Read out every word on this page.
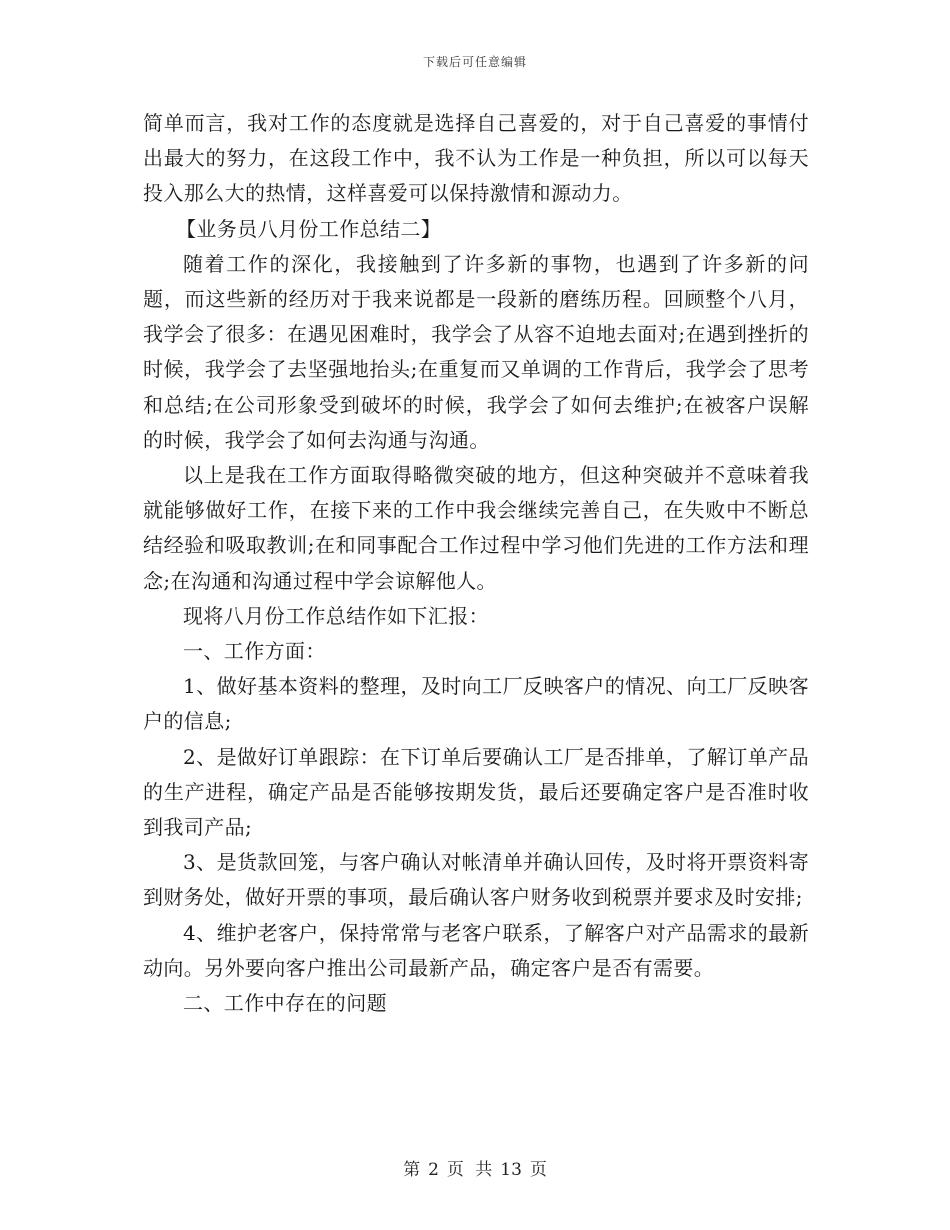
下载后可任意编辑

简单而言，我对工作的态度就是选择自己喜爱的，对于自己喜爱的事情付出最大的努力，在这段工作中，我不认为工作是一种负担，所以可以每天投入那么大的热情，这样喜爱可以保持激情和源动力。

【业务员八月份工作总结二】

随着工作的深化，我接触到了许多新的事物，也遇到了许多新的问题，而这些新的经历对于我来说都是一段新的磨练历程。回顾整个八月，我学会了很多：在遇见困难时，我学会了从容不迫地去面对;在遇到挫折的时候，我学会了去坚强地抬头;在重复而又单调的工作背后，我学会了思考和总结;在公司形象受到破坏的时候，我学会了如何去维护;在被客户误解的时候，我学会了如何去沟通与沟通。

以上是我在工作方面取得略微突破的地方，但这种突破并不意味着我就能够做好工作，在接下来的工作中我会继续完善自己，在失败中不断总结经验和吸取教训;在和同事配合工作过程中学习他们先进的工作方法和理念;在沟通和沟通过程中学会谅解他人。

现将八月份工作总结作如下汇报：

一、工作方面：

1、做好基本资料的整理，及时向工厂反映客户的情况、向工厂反映客户的信息;

2、是做好订单跟踪：在下订单后要确认工厂是否排单，了解订单产品的生产进程，确定产品是否能够按期发货，最后还要确定客户是否准时收到我司产品;

3、是货款回笼，与客户确认对帐清单并确认回传，及时将开票资料寄到财务处，做好开票的事项，最后确认客户财务收到税票并要求及时安排;

4、维护老客户，保持常常与老客户联系，了解客户对产品需求的最新动向。另外要向客户推出公司最新产品，确定客户是否有需要。

二、工作中存在的问题

第 2 页 共 13 页
